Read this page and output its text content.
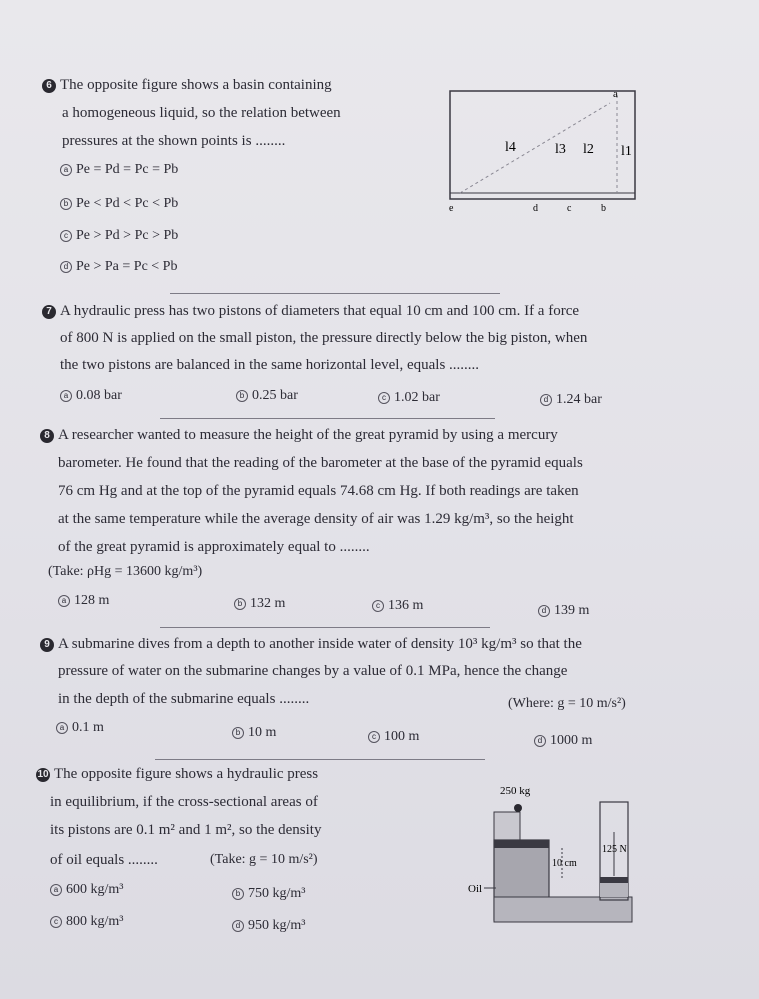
6 The opposite figure shows a basin containing
a homogeneous liquid, so the relation between
pressures at the shown points is ........
a Pe = Pd = Pc = Pb
b Pe < Pd < Pc < Pb
c Pe > Pd > Pc > Pb
d Pe > Pa = Pc < Pb
a
l4	l3 l2 l1
e	d	c	b
7 A hydraulic press has two pistons of diameters that equal 10 cm and 100 cm. If a force
of 800 N is applied on the small piston, the pressure directly below the big piston, when
the two pistons are balanced in the same horizontal level, equals ........
a 0.08 bar	b 0.25 bar	c 1.02 bar	d 1.24 bar
8 A researcher wanted to measure the height of the great pyramid by using a mercury
barometer. He found that the reading of the barometer at the base of the pyramid equals
76 cm Hg and at the top of the pyramid equals 74.68 cm Hg. If both readings are taken
at the same temperature while the average density of air was 1.29 kg/m³, so the height
of the great pyramid is approximately equal to ........
(Take: ρHg = 13600 kg/m³)
a 128 m	b 132 m	c 136 m	d 139 m
9 A submarine dives from a depth to another inside water of density 10³ kg/m³ so that the
pressure of water on the submarine changes by a value of 0.1 MPa, hence the change
in the depth of the submarine equals ........	(Where: g = 10 m/s²)
a 0.1 m	b 10 m	c 100 m	d 1000 m
10 The opposite figure shows a hydraulic press
in equilibrium, if the cross-sectional areas of
its pistons are 0.1 m² and 1 m², so the density
of oil equals ........	(Take: g = 10 m/s²)
a 600 kg/m³	b 750 kg/m³
c 800 kg/m³	d 950 kg/m³
250 kg
125 N
10 cm
Oil
